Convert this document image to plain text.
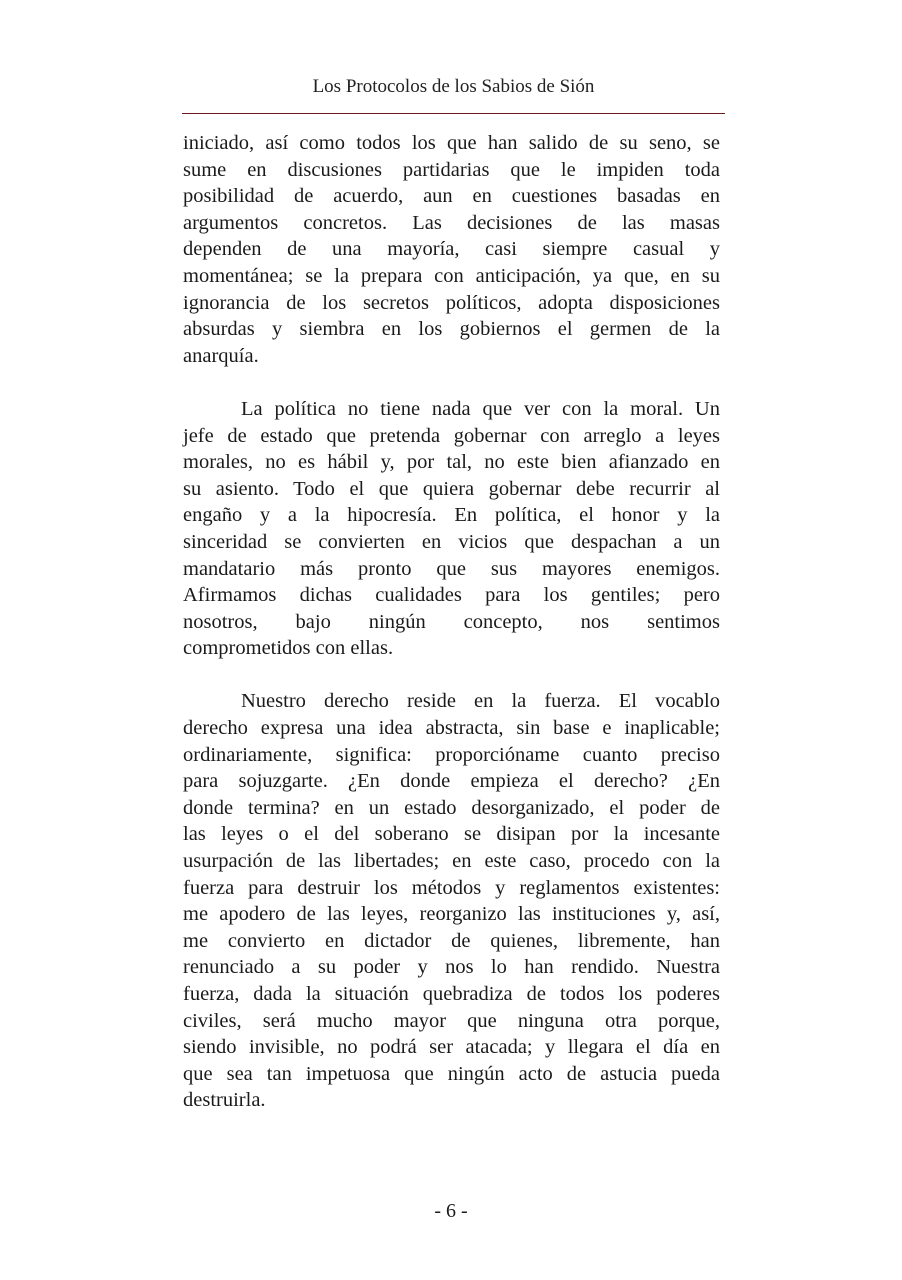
Los Protocolos de los Sabios de Sión
iniciado, así como todos los que han salido de su seno, se
sume en discusiones partidarias que le impiden toda
posibilidad de acuerdo, aun en cuestiones basadas en
argumentos concretos. Las decisiones de las masas
dependen de una mayoría, casi siempre casual y
momentánea; se la prepara con anticipación, ya que, en su
ignorancia de los secretos políticos, adopta disposiciones
absurdas y siembra en los gobiernos el germen de la
anarquía.
La política no tiene nada que ver con la moral. Un
jefe de estado que pretenda gobernar con arreglo a leyes
morales, no es hábil y, por tal, no este bien afianzado en
su asiento. Todo el que quiera gobernar debe recurrir al
engaño y a la hipocresía. En política, el honor y la
sinceridad se convierten en vicios que despachan a un
mandatario más pronto que sus mayores enemigos.
Afirmamos dichas cualidades para los gentiles; pero
nosotros, bajo ningún concepto, nos sentimos
comprometidos con ellas.
Nuestro derecho reside en la fuerza. El vocablo
derecho expresa una idea abstracta, sin base e inaplicable;
ordinariamente, significa: proporcióname cuanto preciso
para sojuzgarte. ¿En donde empieza el derecho? ¿En
donde termina? en un estado desorganizado, el poder de
las leyes o el del soberano se disipan por la incesante
usurpación de las libertades; en este caso, procedo con la
fuerza para destruir los métodos y reglamentos existentes:
me apodero de las leyes, reorganizo las instituciones y, así,
me convierto en dictador de quienes, libremente, han
renunciado a su poder y nos lo han rendido. Nuestra
fuerza, dada la situación quebradiza de todos los poderes
civiles, será mucho mayor que ninguna otra porque,
siendo invisible, no podrá ser atacada; y llegara el día en
que sea tan impetuosa que ningún acto de astucia pueda
destruirla.
- 6 -
